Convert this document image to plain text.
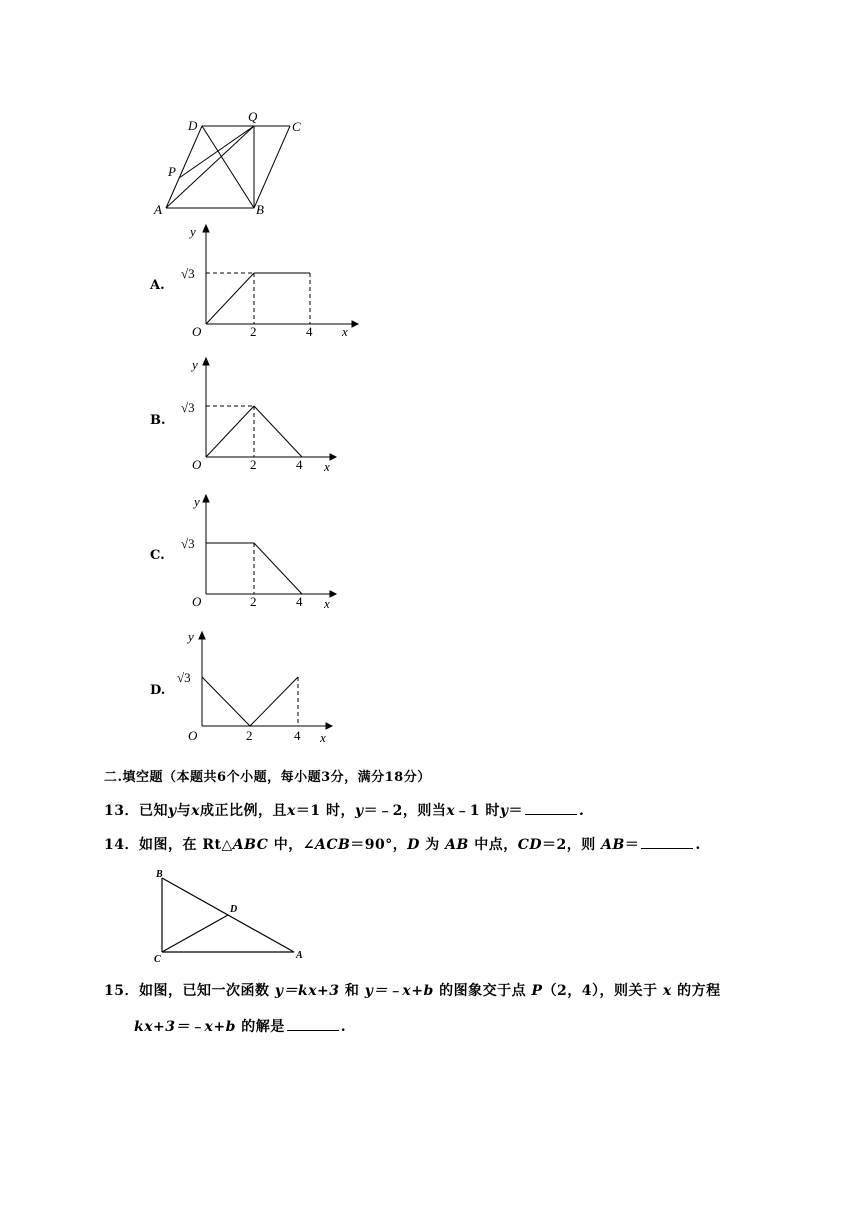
D
Q
C
P
A	B
A.
y
√3
O	2	4 x
B.
y
√3
O	2	4 x
C.
y
√3
O	2	4 x
D.
y
√3
O	2	4 x
二.填空题（本题共6个小题，每小题3分，满分18分）
13．已知y与x成正比例，且x＝1 时，y＝﹣2，则当x﹣1 时y＝	.
14．如图，在 Rt△ABC 中，∠ACB＝90°，D 为 AB 中点，CD＝2，则 AB＝	.
B
D
C	A
15．如图，已知一次函数 y＝kx+3 和 y＝﹣x+b 的图象交于点 P（2，4），则关于 x 的方程
kx+3＝﹣x+b 的解是	.
